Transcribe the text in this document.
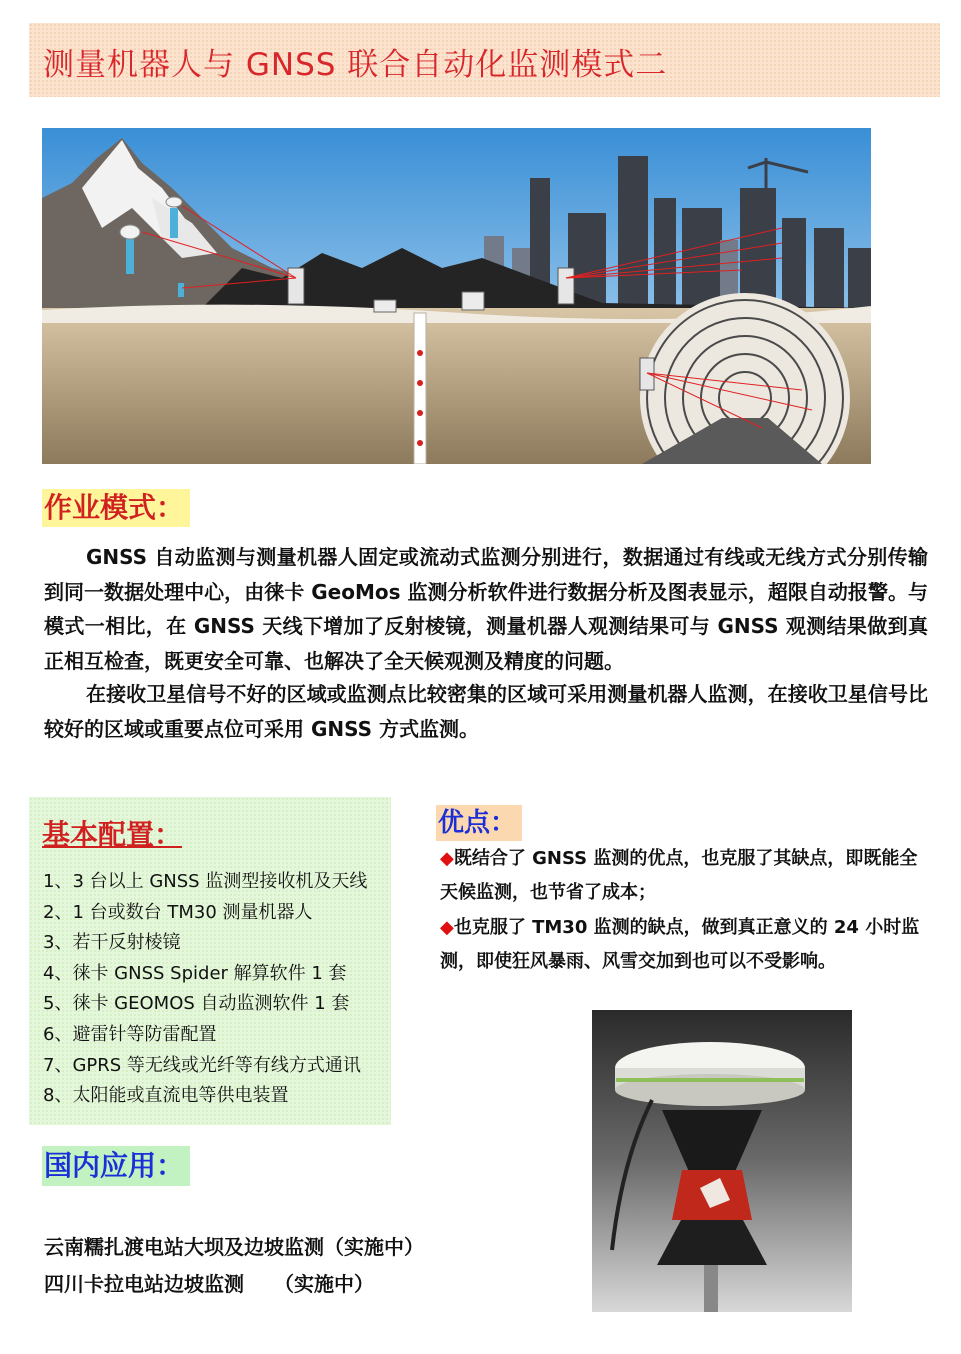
测量机器人与 GNSS 联合自动化监测模式二
作业模式：

GNSS 自动监测与测量机器人固定或流动式监测分别进行，数据通过有线或无线方式分别传输到同一数据处理中心，由徕卡 GeoMos 监测分析软件进行数据分析及图表显示，超限自动报警。与模式一相比，在 GNSS 天线下增加了反射棱镜，测量机器人观测结果可与 GNSS 观测结果做到真正相互检查，既更安全可靠、也解决了全天候观测及精度的问题。

在接收卫星信号不好的区域或监测点比较密集的区域可采用测量机器人监测，在接收卫星信号比较好的区域或重要点位可采用 GNSS 方式监测。

基本配置：
1、3 台以上 GNSS 监测型接收机及天线
2、1 台或数台 TM30 测量机器人
3、若干反射棱镜
4、徕卡 GNSS Spider 解算软件 1 套
5、徕卡 GEOMOS 自动监测软件 1 套
6、避雷针等防雷配置
7、GPRS 等无线或光纤等有线方式通讯
8、太阳能或直流电等供电装置
优点：

◆既结合了 GNSS 监测的优点，也克服了其缺点，即既能全天候监测，也节省了成本；

◆也克服了 TM30 监测的缺点，做到真正意义的 24 小时监测，即使狂风暴雨、风雪交加到也可以不受影响。

国内应用：
云南糯扎渡电站大坝及边坡监测（实施中）
四川卡拉电站边坡监测　　（实施中）
